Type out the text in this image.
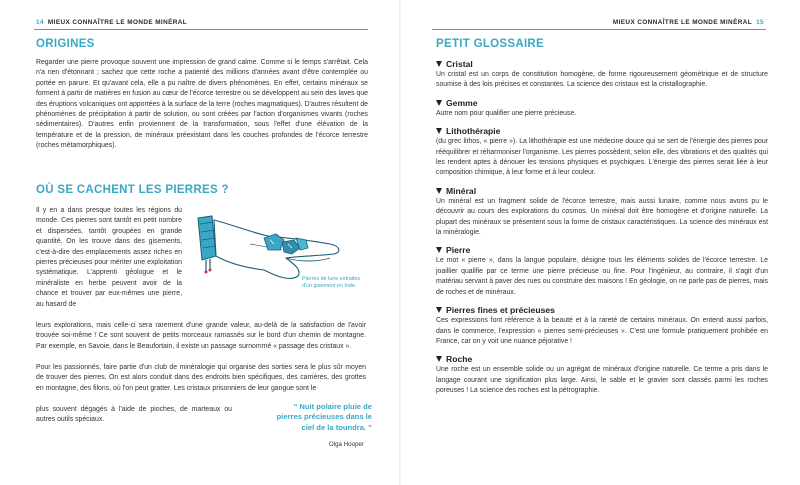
14 MIEUX CONNAÎTRE LE MONDE MINÉRAL
ORIGINES
Regarder une pierre provoque souvent une impression de grand calme. Comme si le temps s'arrêtait. Cela n'a rien d'étonnant ; sachez que cette roche a patienté des millions d'années avant d'être contemplée ou portée en parure. Et qu'avant cela, elle a pu naître de divers phénomènes. En effet, certains minéraux se forment à partir de matières en fusion au cœur de l'écorce terrestre ou se développent au sein des laves que des éruptions volcaniques ont apportées à la surface de la terre (roches magmatiques). D'autres résultent de phénomènes de précipitation à partir de solution, ou sont créées par l'action d'organismes vivants (roches sédimentaires). D'autres enfin proviennent de la transformation, sous l'effet d'une élévation de la température et de la pression, de minéraux préexistant dans les couches profondes de l'écorce terrestre (roches métamorphiques).
OÙ SE CACHENT LES PIERRES ?
Il y en a dans presque toutes les régions du monde. Ces pierres sont tantôt en petit nombre et dispersées, tantôt groupées en grande quantité. On les trouve dans des gisements, c'est-à-dire des emplacements assez riches en pierres précieuses pour mériter une exploitation systématique. L'apprenti géologue et le minéraliste en herbe peuvent avoir de la chance et trouver par eux-mêmes une pierre, au hasard de
leurs explorations, mais celle-ci sera rarement d'une grande valeur, au-delà de la satisfaction de l'avoir trouvée soi-même ! Ce sont souvent de petits morceaux ramassés sur le bord d'un chemin de montagne. Par exemple, en Savoie, dans le Beaufortain, il existe un passage surnommé « passage des cristaux ».
Pour les passionnés, faire partie d'un club de minéralogie qui organise des sorties sera le plus sûr moyen de trouver des pierres. On est alors conduit dans des endroits bien spécifiques, des carrières, des grottes en montagne, des filons, où l'on peut gratter. Les cristaux prisonniers de leur gangue sont le
plus souvent dégagés à l'aide de pioches, de marteaux ou autres outils spéciaux.
Pierres de lune extraites d'un gisement en Inde.
“ Nuit polaire pluie de pierres précieuses dans le ciel de la toundra. ”
Olga Hooper
MIEUX CONNAÎTRE LE MONDE MINÉRAL 15
PETIT GLOSSAIRE
Cristal
Un cristal est un corps de constitution homogène, de forme rigoureusement géométrique et de structure soumise à des lois précises et constantes. La science des cristaux est la cristallographie.
Gemme
Autre nom pour qualifier une pierre précieuse.
Lithothérapie
(du grec lithos, « pierre »). La lithothérapie est une médecine douce qui se sert de l'énergie des pierres pour rééquilibrer et réharmoniser l'organisme. Les pierres possèdent, selon elle, des vibrations et des qualités qui les rendent aptes à dénouer les tensions physiques et psychiques. L'énergie des pierres serait liée à leur composition chimique, à leur forme et à leur couleur.
Minéral
Un minéral est un fragment solide de l'écorce terrestre, mais aussi lunaire, comme nous avons pu le découvrir au cours des explorations du cosmos. Un minéral doit être homogène et d'origine naturelle. La plupart des minéraux se présentent sous la forme de cristaux caractéristiques. La science des minéraux est la minéralogie.
Pierre
Le mot « pierre », dans la langue populaire, désigne tous les éléments solides de l'écorce terrestre. Le joaillier qualifie par ce terme une pierre précieuse ou fine. Pour l'ingénieur, au contraire, il s'agit d'un matériau servant à paver des rues ou construire des maisons ! En géologie, on ne parle pas de pierres, mais de roches et de minéraux.
Pierres fines et précieuses
Ces expressions font référence à la beauté et à la rareté de certains minéraux. On entend aussi parfois, dans le commerce, l'expression « pierres semi-précieuses ». C'est une formule pratiquement prohibée en France, car on y voit une nuance péjorative !
Roche
Une roche est un ensemble solide ou un agrégat de minéraux d'origine naturelle. Ce terme a pris dans le langage courant une signification plus large. Ainsi, le sable et le gravier sont classés parmi les roches poreuses ! La science des roches est la pétrographie.
